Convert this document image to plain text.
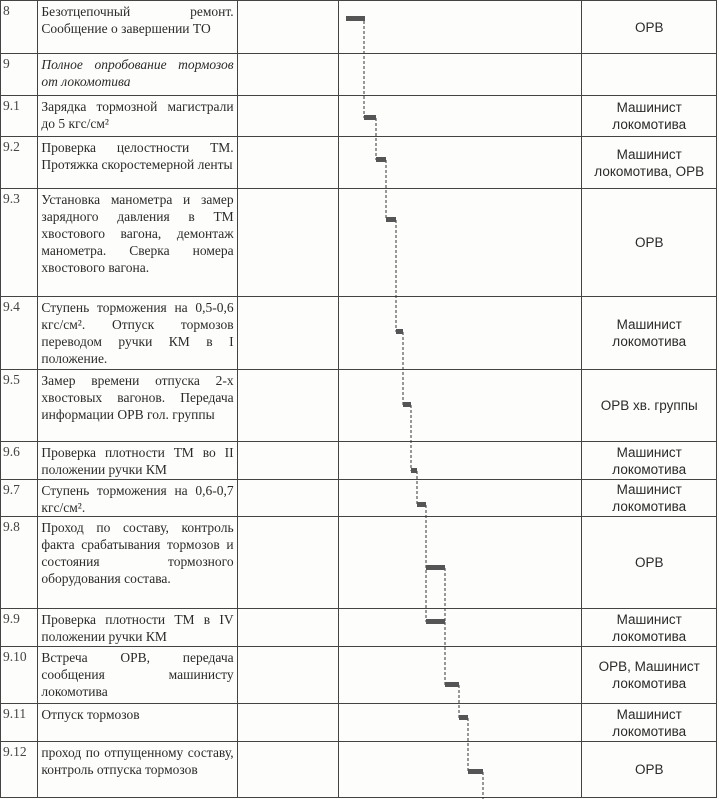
8	Безотцепочный ремонт. Сообщение о завершении ТО			ОРВ

9	Полное опробование тормозов от локомотива			

9.1	Зарядка тормозной магистрали до 5 кгс/см²			Машинист локомотива

9.2	Проверка целостности ТМ. Протяжка скоростемерной ленты			Машинист локомотива, ОРВ

9.3	Установка манометра и замер зарядного давления в ТМ хвостового вагона, демонтаж манометра. Сверка номера хвостового вагона.			ОРВ

9.4	Ступень торможения на 0,5-0,6 кгс/см². Отпуск тормозов переводом ручки КМ в I положение.			Машинист локомотива

9.5	Замер времени отпуска 2-х хвостовых вагонов. Передача информации ОРВ гол. группы			ОРВ хв. группы

9.6	Проверка плотности ТМ во II положении ручки КМ			Машинист локомотива

9.7	Ступень торможения на 0,6-0,7 кгс/см².			Машинист локомотива

9.8	Проход по составу, контроль факта срабатывания тормозов и состояния тормозного оборудования состава.			ОРВ

9.9	Проверка плотности ТМ в IV положении ручки КМ			Машинист локомотива

9.10	Встреча ОРВ, передача сообщения машинисту локомотива			ОРВ, Машинист локомотива

9.11	Отпуск тормозов			Машинист локомотива

9.12	проход по отпущенному составу, контроль отпуска тормозов			ОРВ
